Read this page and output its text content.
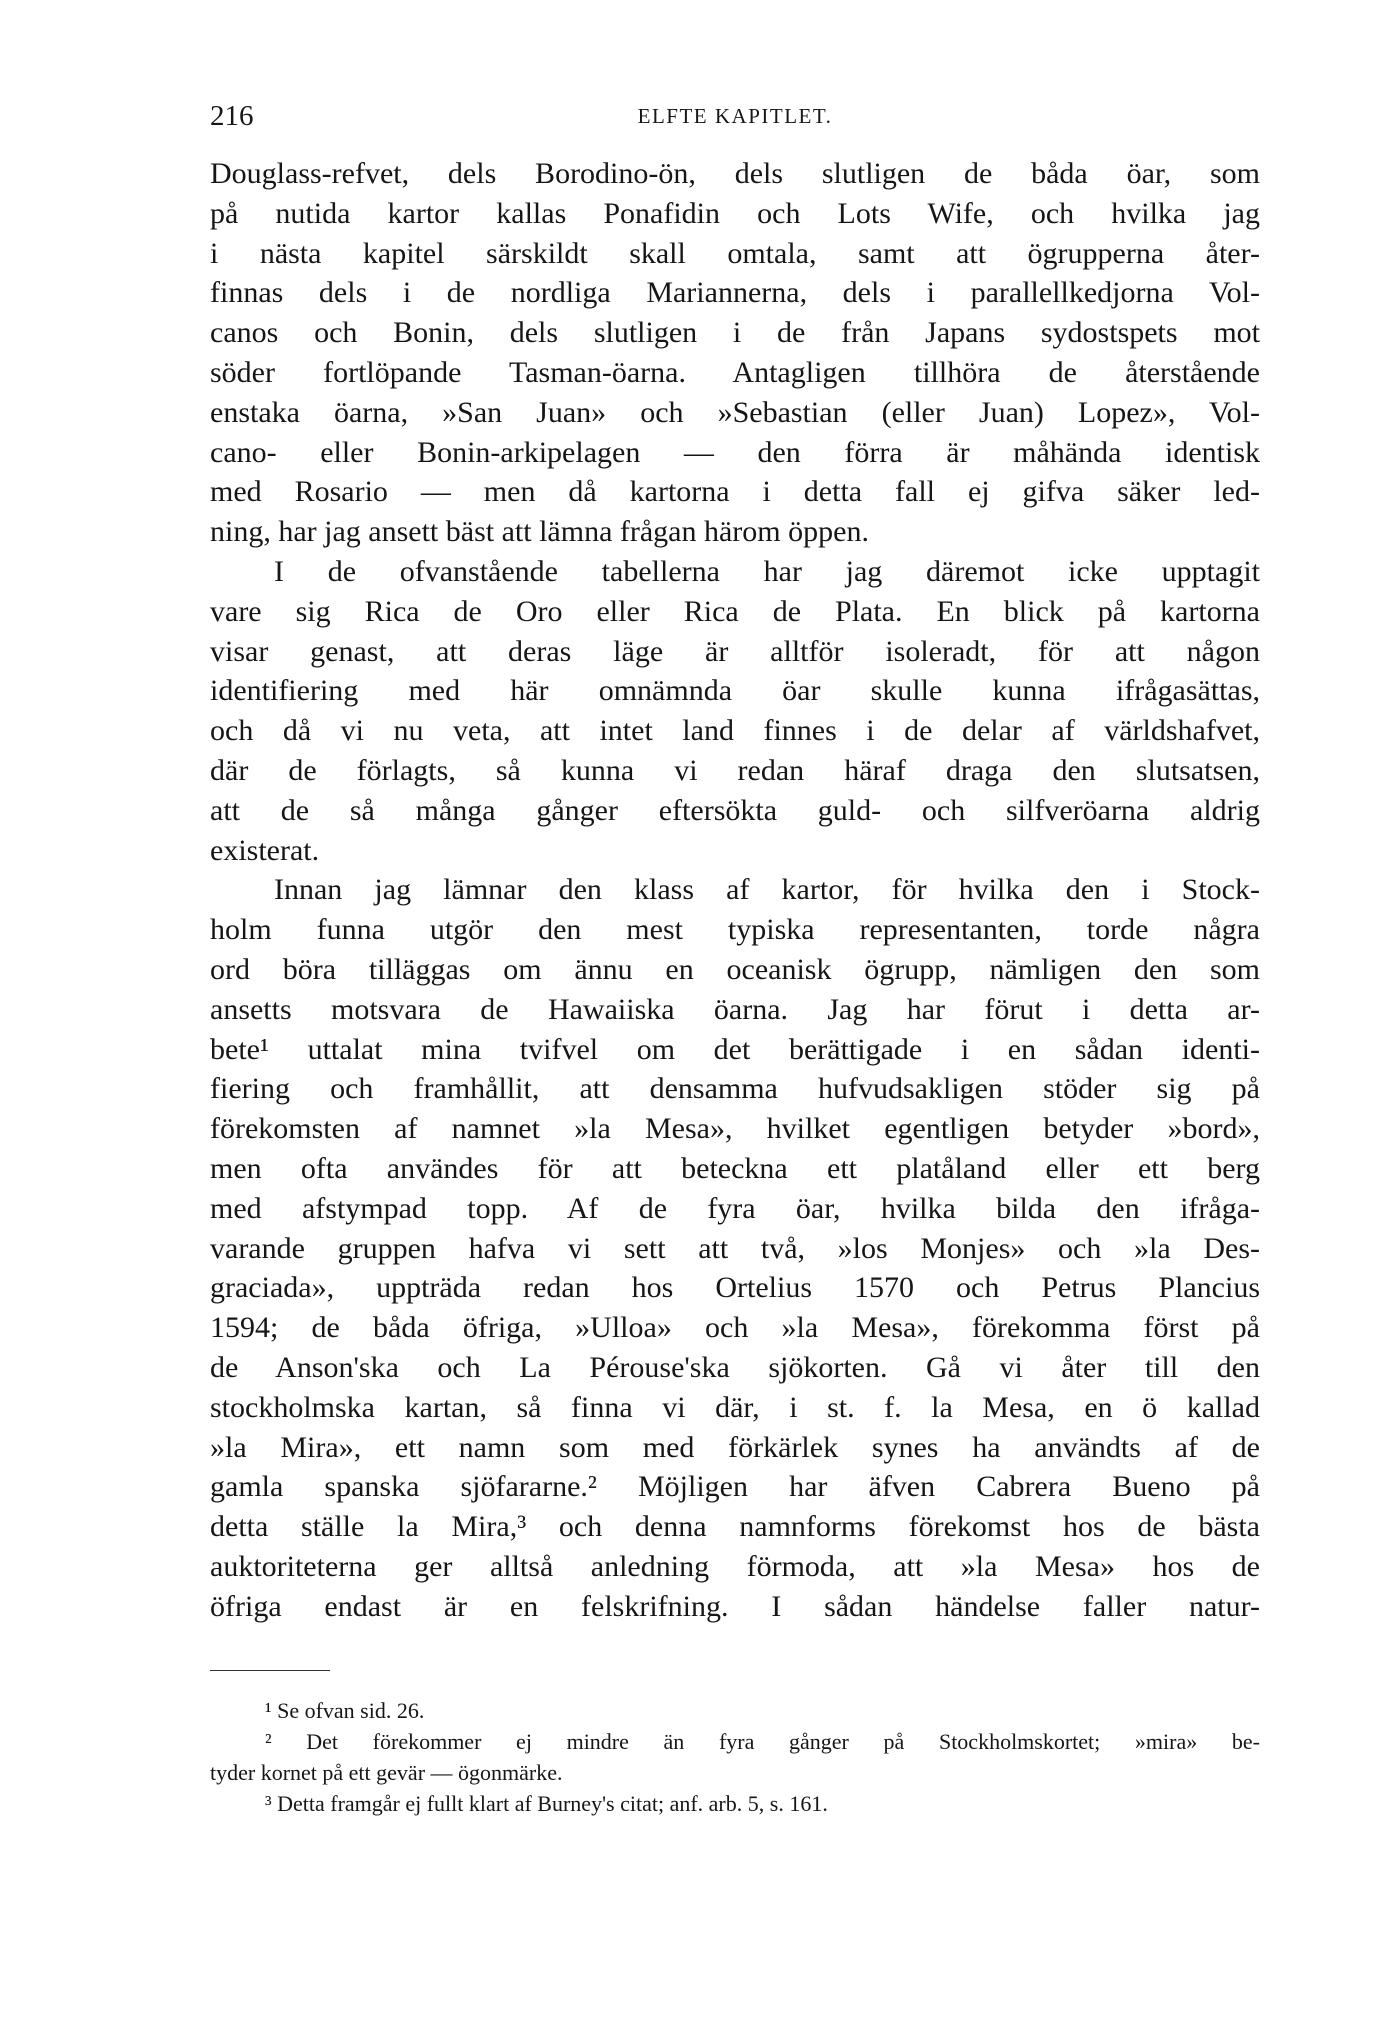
ELFTE KAPITLET.
216
Douglass-refvet, dels Borodino-ön, dels slutligen de båda öar, som
på nutida kartor kallas Ponafidin och Lots Wife, och hvilka jag
i nästa kapitel särskildt skall omtala, samt att ögrupperna åter-
finnas dels i de nordliga Mariannerna, dels i parallellkedjorna Vol-
canos och Bonin, dels slutligen i de från Japans sydostspets mot
söder fortlöpande Tasman-öarna. Antagligen tillhöra de återstående
enstaka öarna, »San Juan» och »Sebastian (eller Juan) Lopez», Vol-
cano- eller Bonin-arkipelagen — den förra är måhända identisk
med Rosario — men då kartorna i detta fall ej gifva säker led-
ning, har jag ansett bäst att lämna frågan härom öppen.
I de ofvanstående tabellerna har jag däremot icke upptagit
vare sig Rica de Oro eller Rica de Plata. En blick på kartorna
visar genast, att deras läge är alltför isoleradt, för att någon
identifiering med här omnämnda öar skulle kunna ifrågasättas,
och då vi nu veta, att intet land finnes i de delar af världshafvet,
där de förlagts, så kunna vi redan häraf draga den slutsatsen,
att de så många gånger eftersökta guld- och silfveröarna aldrig
existerat.
Innan jag lämnar den klass af kartor, för hvilka den i Stock-
holm funna utgör den mest typiska representanten, torde några
ord böra tilläggas om ännu en oceanisk ögrupp, nämligen den som
ansetts motsvara de Hawaiiska öarna. Jag har förut i detta ar-
bete¹ uttalat mina tvifvel om det berättigade i en sådan identi-
fiering och framhållit, att densamma hufvudsakligen stöder sig på
förekomsten af namnet »la Mesa», hvilket egentligen betyder »bord»,
men ofta användes för att beteckna ett platåland eller ett berg
med afstympad topp. Af de fyra öar, hvilka bilda den ifråga-
varande gruppen hafva vi sett att två, »los Monjes» och »la Des-
graciada», uppträda redan hos Ortelius 1570 och Petrus Plancius
1594; de båda öfriga, »Ulloa» och »la Mesa», förekomma först på
de Anson'ska och La Pérouse'ska sjökorten. Gå vi åter till den
stockholmska kartan, så finna vi där, i st. f. la Mesa, en ö kallad
»la Mira», ett namn som med förkärlek synes ha användts af de
gamla spanska sjöfararne.² Möjligen har äfven Cabrera Bueno på
detta ställe la Mira,³ och denna namnforms förekomst hos de bästa
auktoriteterna ger alltså anledning förmoda, att »la Mesa» hos de
öfriga endast är en felskrifning. I sådan händelse faller natur-
¹ Se ofvan sid. 26.
² Det förekommer ej mindre än fyra gånger på Stockholmskortet; »mira» be-
tyder kornet på ett gevär — ögonmärke.
³ Detta framgår ej fullt klart af Burney's citat; anf. arb. 5, s. 161.
